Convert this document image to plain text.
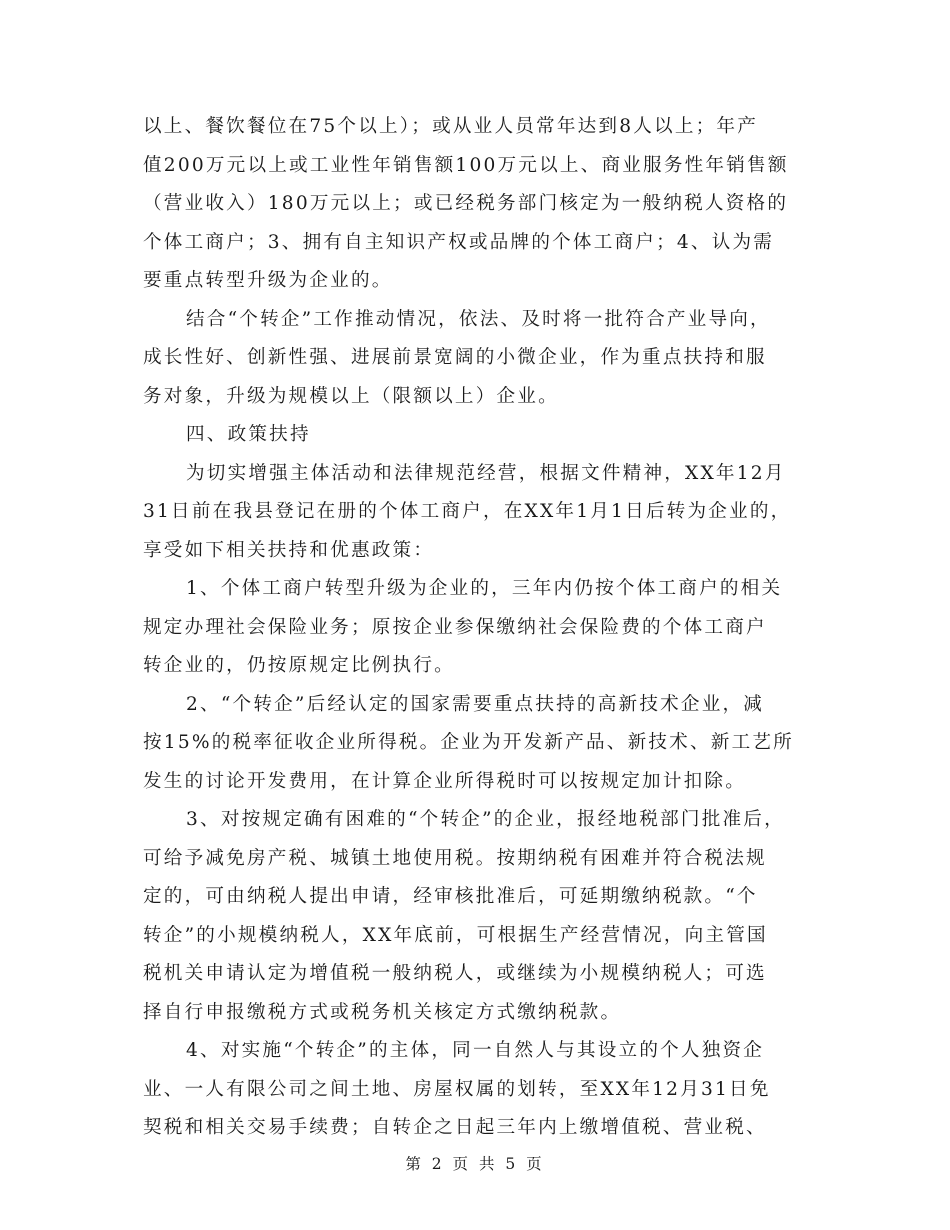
以上、餐饮餐位在75个以上）；或从业人员常年达到8人以上；年产
值200万元以上或工业性年销售额100万元以上、商业服务性年销售额
（营业收入）180万元以上；或已经税务部门核定为一般纳税人资格的
个体工商户；3、拥有自主知识产权或品牌的个体工商户；4、认为需
要重点转型升级为企业的。
结合“个转企”工作推动情况，依法、及时将一批符合产业导向，
成长性好、创新性强、进展前景宽阔的小微企业，作为重点扶持和服
务对象，升级为规模以上（限额以上）企业。
四、政策扶持
为切实增强主体活动和法律规范经营，根据文件精神，XX年12月
31日前在我县登记在册的个体工商户，在XX年1月1日后转为企业的，
享受如下相关扶持和优惠政策：
1、个体工商户转型升级为企业的，三年内仍按个体工商户的相关
规定办理社会保险业务；原按企业参保缴纳社会保险费的个体工商户
转企业的，仍按原规定比例执行。
2、“个转企”后经认定的国家需要重点扶持的高新技术企业，减
按15%的税率征收企业所得税。企业为开发新产品、新技术、新工艺所
发生的讨论开发费用，在计算企业所得税时可以按规定加计扣除。
3、对按规定确有困难的“个转企”的企业，报经地税部门批准后，
可给予减免房产税、城镇土地使用税。按期纳税有困难并符合税法规
定的，可由纳税人提出申请，经审核批准后，可延期缴纳税款。“个
转企”的小规模纳税人，XX年底前，可根据生产经营情况，向主管国
税机关申请认定为增值税一般纳税人，或继续为小规模纳税人；可选
择自行申报缴税方式或税务机关核定方式缴纳税款。
4、对实施“个转企”的主体，同一自然人与其设立的个人独资企
业、一人有限公司之间土地、房屋权属的划转，至XX年12月31日免
契税和相关交易手续费；自转企之日起三年内上缴增值税、营业税、
第 2 页 共 5 页
